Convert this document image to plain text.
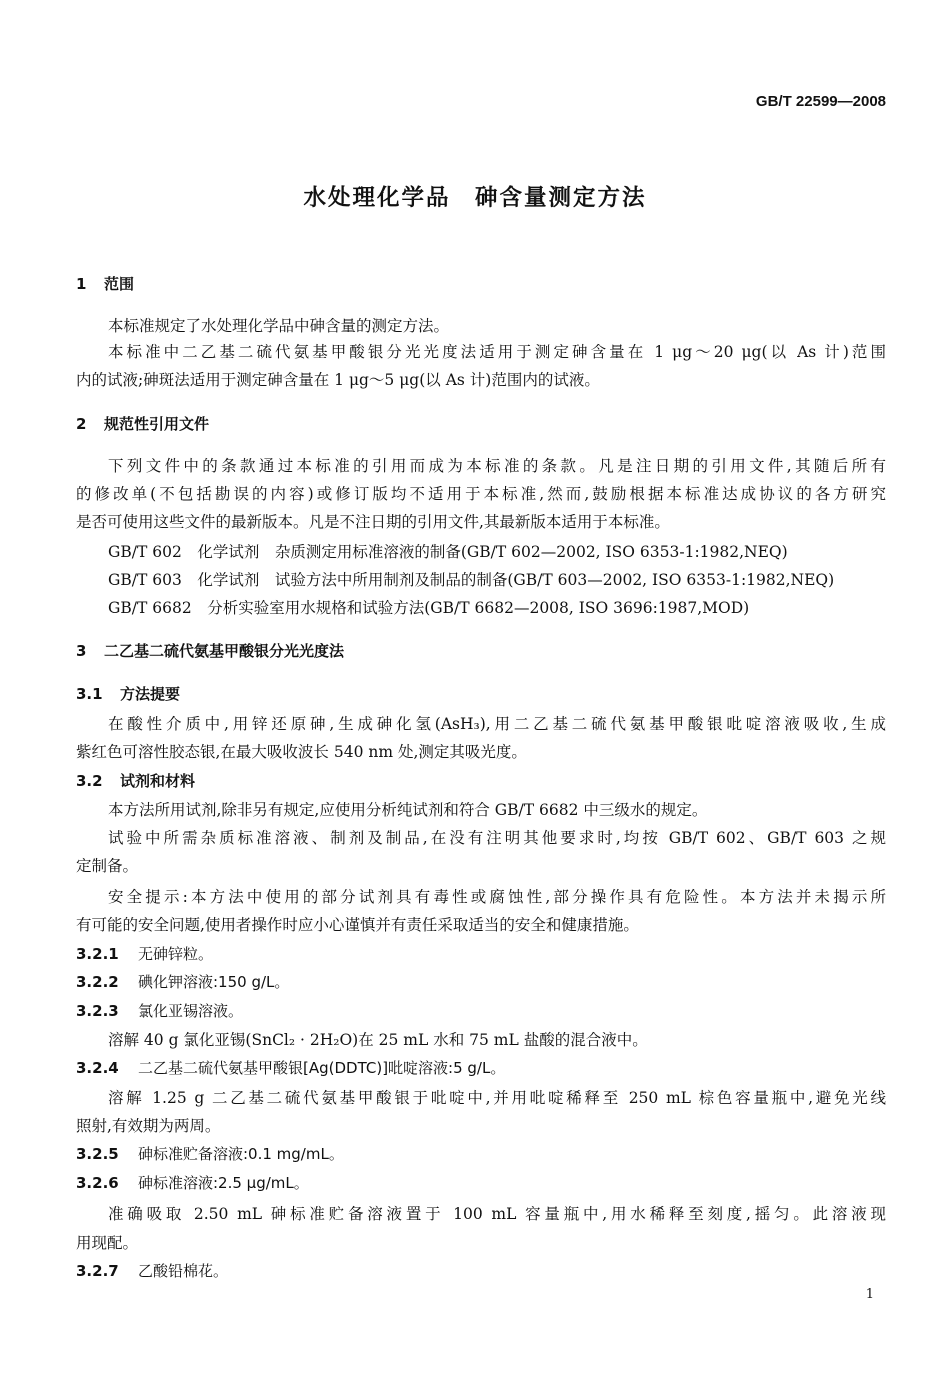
GB/T 22599—2008
水处理化学品　砷含量测定方法
1 范围
本标准规定了水处理化学品中砷含量的测定方法。
本标准中二乙基二硫代氨基甲酸银分光光度法适用于测定砷含量在 1 μg～20 μg(以 As 计)范围
内的试液;砷斑法适用于测定砷含量在 1 μg～5 μg(以 As 计)范围内的试液。
2 规范性引用文件
下列文件中的条款通过本标准的引用而成为本标准的条款。凡是注日期的引用文件,其随后所有
的修改单(不包括勘误的内容)或修订版均不适用于本标准,然而,鼓励根据本标准达成协议的各方研究
是否可使用这些文件的最新版本。凡是不注日期的引用文件,其最新版本适用于本标准。
GB/T 602　化学试剂　杂质测定用标准溶液的制备(GB/T 602—2002, ISO 6353-1:1982,NEQ)
GB/T 603　化学试剂　试验方法中所用制剂及制品的制备(GB/T 603—2002, ISO 6353-1:1982,NEQ)
GB/T 6682　分析实验室用水规格和试验方法(GB/T 6682—2008, ISO 3696:1987,MOD)
3 二乙基二硫代氨基甲酸银分光光度法
3.1 方法提要
在酸性介质中,用锌还原砷,生成砷化氢(AsH₃),用二乙基二硫代氨基甲酸银吡啶溶液吸收,生成
紫红色可溶性胶态银,在最大吸收波长 540 nm 处,测定其吸光度。
3.2 试剂和材料
本方法所用试剂,除非另有规定,应使用分析纯试剂和符合 GB/T 6682 中三级水的规定。
试验中所需杂质标准溶液、制剂及制品,在没有注明其他要求时,均按 GB/T 602、GB/T 603 之规
定制备。
安全提示:本方法中使用的部分试剂具有毒性或腐蚀性,部分操作具有危险性。本方法并未揭示所
有可能的安全问题,使用者操作时应小心谨慎并有责任采取适当的安全和健康措施。
3.2.1 无砷锌粒。
3.2.2 碘化钾溶液:150 g/L。
3.2.3 氯化亚锡溶液。
溶解 40 g 氯化亚锡(SnCl₂ · 2H₂O)在 25 mL 水和 75 mL 盐酸的混合液中。
3.2.4 二乙基二硫代氨基甲酸银[Ag(DDTC)]吡啶溶液:5 g/L。
溶解 1.25 g 二乙基二硫代氨基甲酸银于吡啶中,并用吡啶稀释至 250 mL 棕色容量瓶中,避免光线
照射,有效期为两周。
3.2.5 砷标准贮备溶液:0.1 mg/mL。
3.2.6 砷标准溶液:2.5 μg/mL。
准确吸取 2.50 mL 砷标准贮备溶液置于 100 mL 容量瓶中,用水稀释至刻度,摇匀。此溶液现
用现配。
3.2.7 乙酸铅棉花。
1
